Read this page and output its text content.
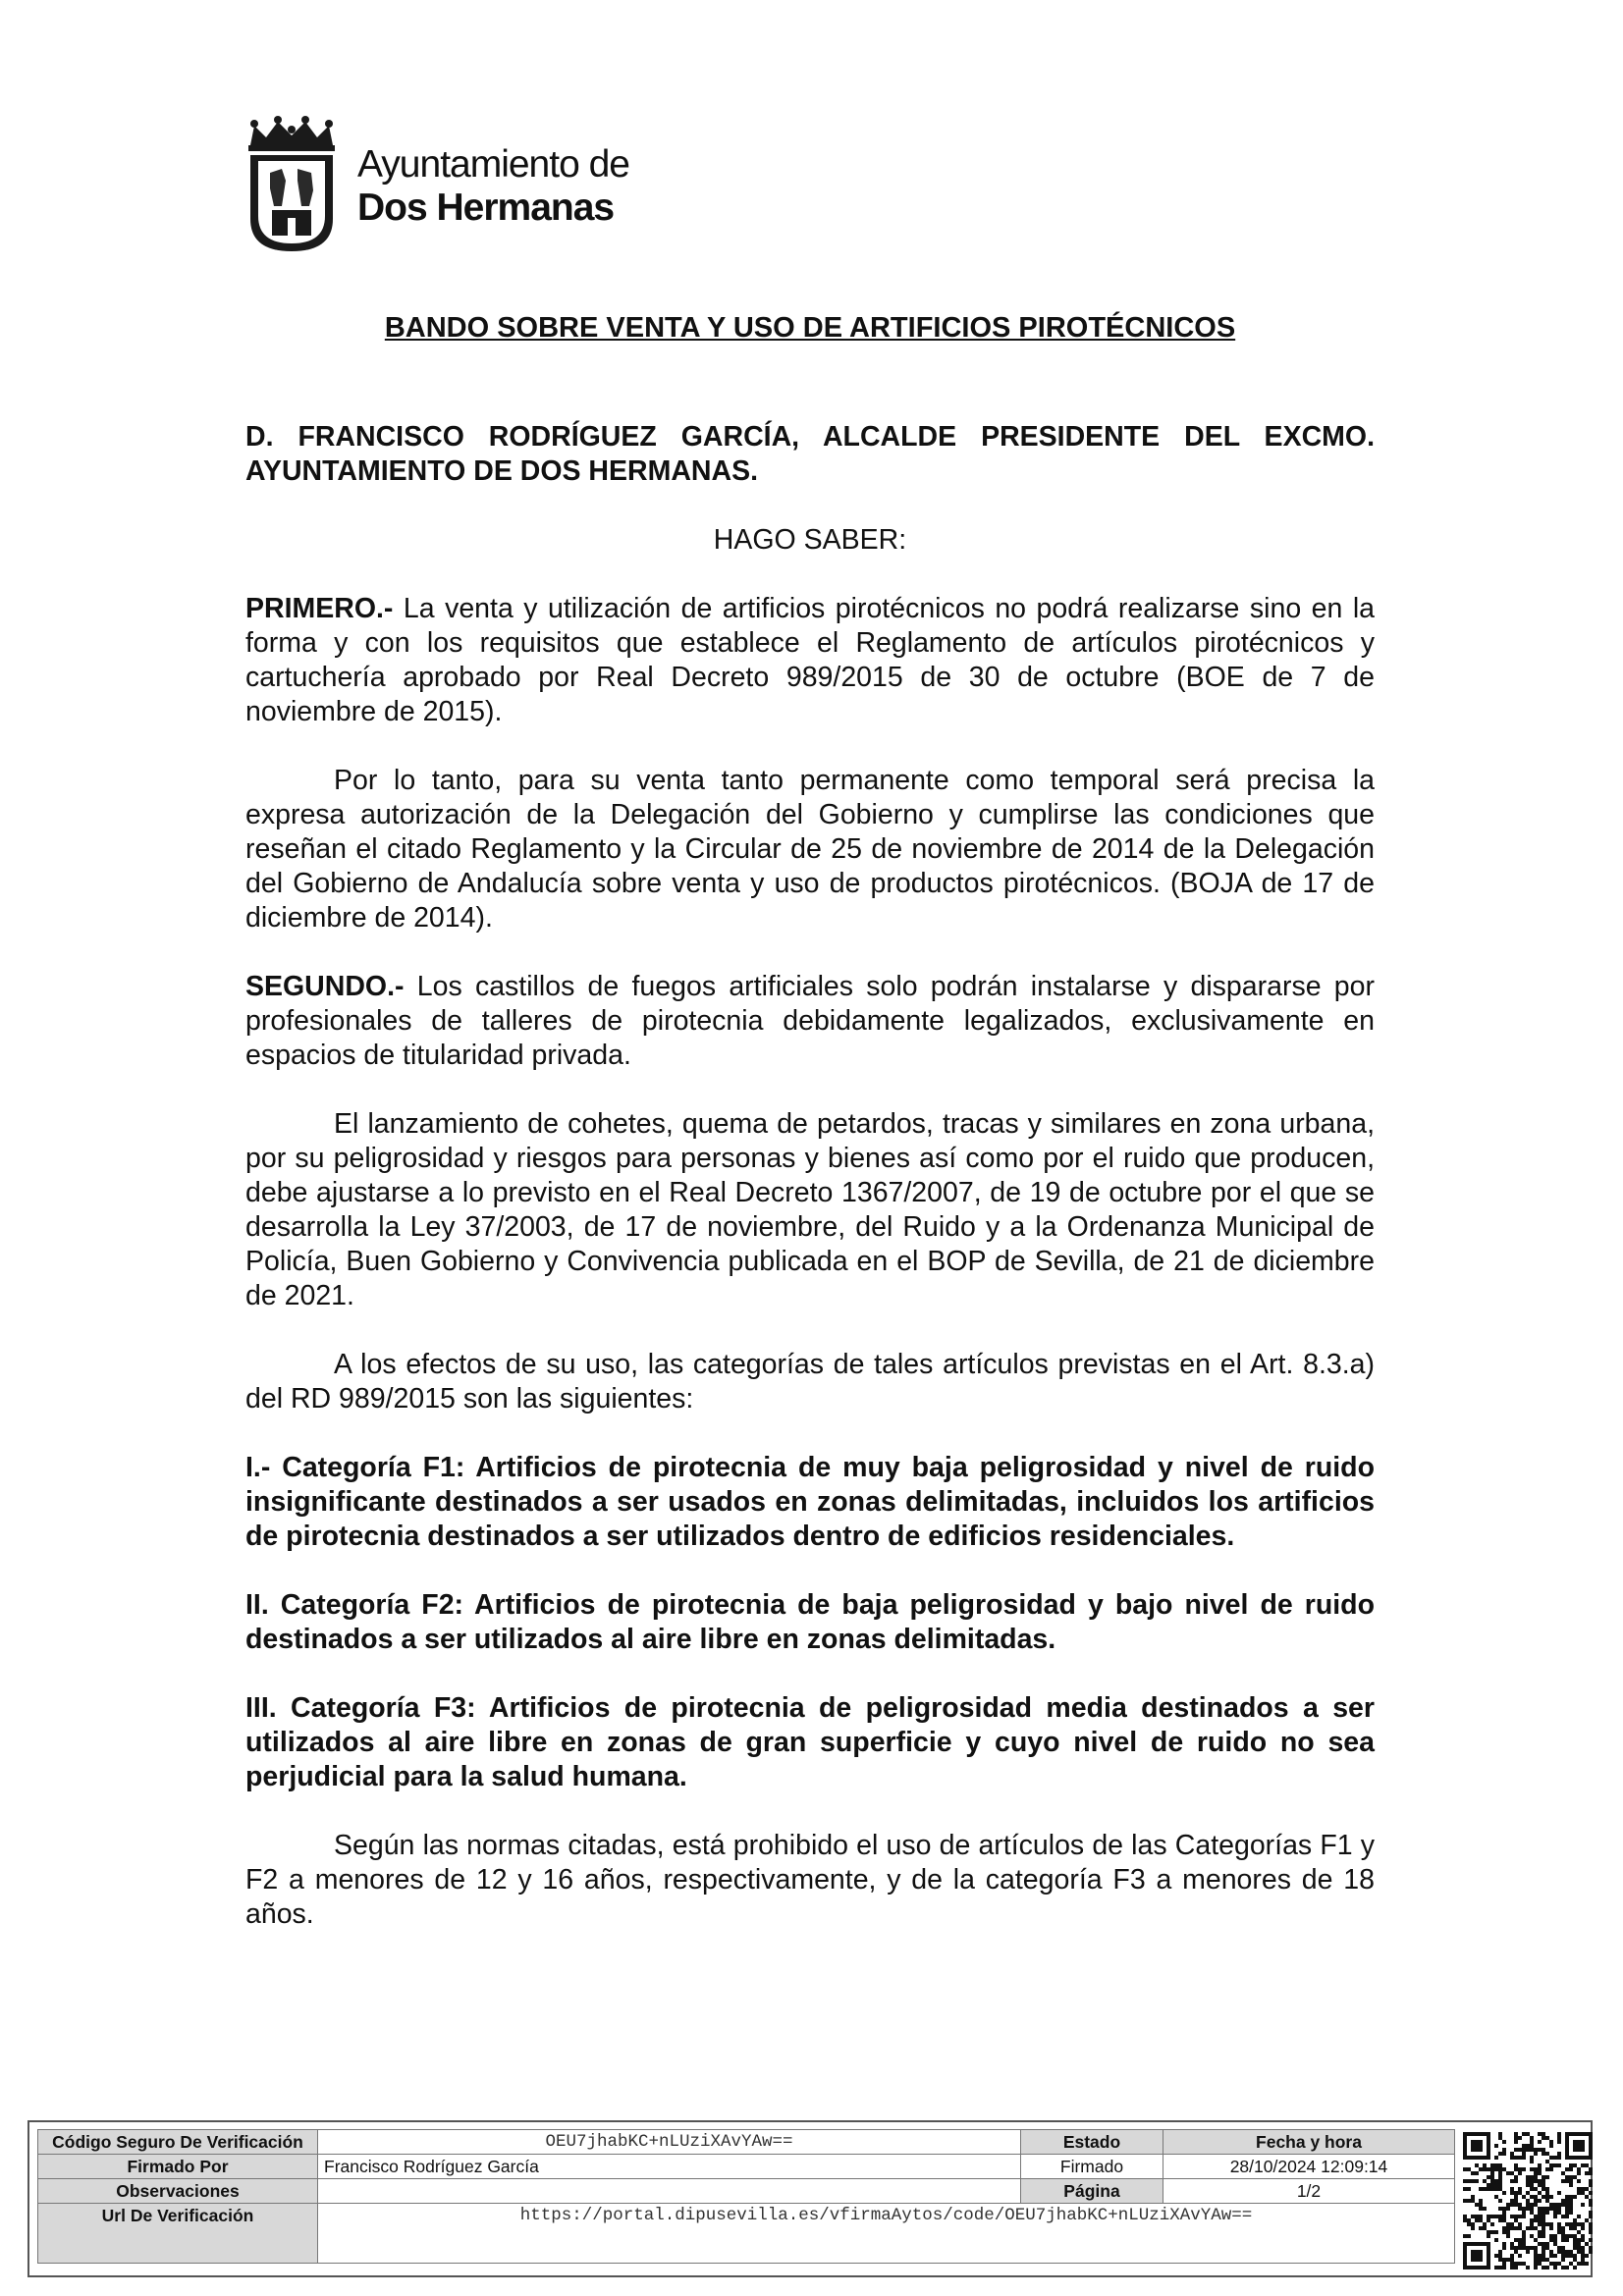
Ayuntamiento de
Dos Hermanas
BANDO SOBRE VENTA Y USO DE ARTIFICIOS PIROTÉCNICOS

D. FRANCISCO RODRÍGUEZ GARCÍA, ALCALDE PRESIDENTE DEL EXCMO. AYUNTAMIENTO DE DOS HERMANAS.

HAGO SABER:

PRIMERO.- La venta y utilización de artificios pirotécnicos no podrá realizarse sino en la forma y con los requisitos que establece el Reglamento de artículos pirotécnicos y cartuchería aprobado por Real Decreto 989/2015 de 30 de octubre (BOE de 7 de noviembre de 2015).

Por lo tanto, para su venta tanto permanente como temporal será precisa la expresa autorización de la Delegación del Gobierno y cumplirse las condiciones que reseñan el citado Reglamento y la Circular de 25 de noviembre de 2014 de la Delegación del Gobierno de Andalucía sobre venta y uso de productos pirotécnicos. (BOJA de 17 de diciembre de 2014).

SEGUNDO.- Los castillos de fuegos artificiales solo podrán instalarse y dispararse por profesionales de talleres de pirotecnia debidamente legalizados, exclusivamente en espacios de titularidad privada.

El lanzamiento de cohetes, quema de petardos, tracas y similares en zona urbana, por su peligrosidad y riesgos para personas y bienes así como por el ruido que producen, debe ajustarse a lo previsto en el Real Decreto 1367/2007, de 19 de octubre por el que se desarrolla la Ley 37/2003, de 17 de noviembre, del Ruido y a la Ordenanza Municipal de Policía, Buen Gobierno y Convivencia publicada en el BOP de Sevilla, de 21 de diciembre de 2021.

A los efectos de su uso, las categorías de tales artículos previstas en el Art. 8.3.a) del RD 989/2015 son las siguientes:

I.- Categoría F1: Artificios de pirotecnia de muy baja peligrosidad y nivel de ruido insignificante destinados a ser usados en zonas delimitadas, incluidos los artificios de pirotecnia destinados a ser utilizados dentro de edificios residenciales.

II. Categoría F2: Artificios de pirotecnia de baja peligrosidad y bajo nivel de ruido destinados a ser utilizados al aire libre en zonas delimitadas.

III. Categoría F3: Artificios de pirotecnia de peligrosidad media destinados a ser utilizados al aire libre en zonas de gran superficie y cuyo nivel de ruido no sea perjudicial para la salud humana.

Según las normas citadas, está prohibido el uso de artículos de las Categorías F1 y F2 a menores de 12 y 16 años, respectivamente, y de la categoría F3 a menores de 18 años.

Código Seguro De Verificación	OEU7jhabKC+nLUziXAvYAw==	Estado	Fecha y hora
Firmado Por	Francisco Rodríguez García	Firmado	28/10/2024 12:09:14
Observaciones		Página	1/2
Url De Verificación	https://portal.dipusevilla.es/vfirmaAytos/code/OEU7jhabKC+nLUziXAvYAw==		
